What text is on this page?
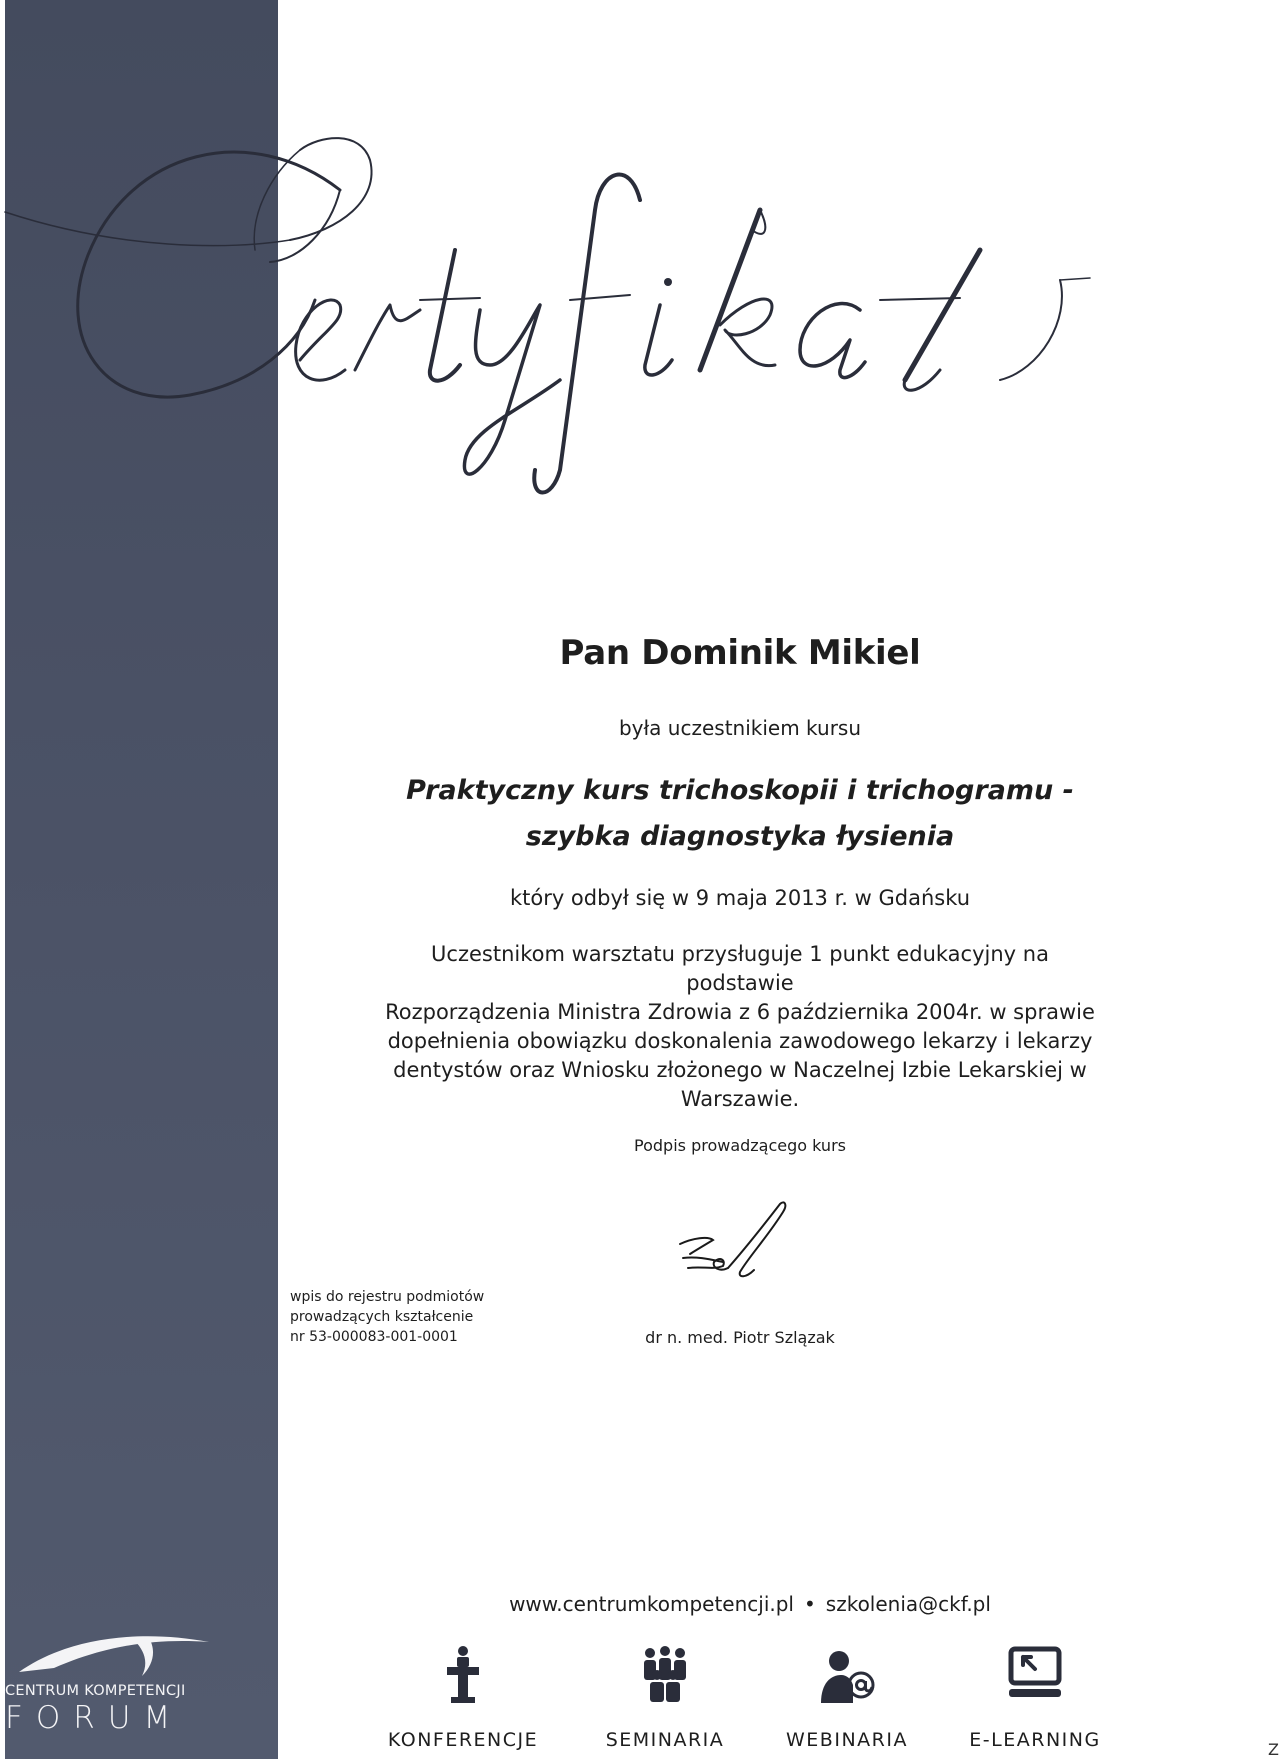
Pan Dominik Mikiel
była uczestnikiem kursu
Praktyczny kurs trichoskopii i trichogramu -
szybka diagnostyka łysienia
który odbył się w 9 maja 2013 r. w Gdańsku
Uczestnikom warsztatu przysługuje 1 punkt edukacyjny na podstawie
Rozporządzenia Ministra Zdrowia z 6 października 2004r. w sprawie
dopełnienia obowiązku doskonalenia zawodowego lekarzy i lekarzy
dentystów oraz Wniosku złożonego w Naczelnej Izbie Lekarskiej w
Warszawie.
Podpis prowadzącego kurs
dr n. med. Piotr Szlązak
wpis do rejestru podmiotów
prowadzących kształcenie
nr 53-000083-001-0001
www.centrumkompetencji.pl • szkolenia@ckf.pl
CENTRUM KOMPETENCJI
FORUM
KONFERENCJE	SEMINARIA	WEBINARIA	E-LEARNING	Z
